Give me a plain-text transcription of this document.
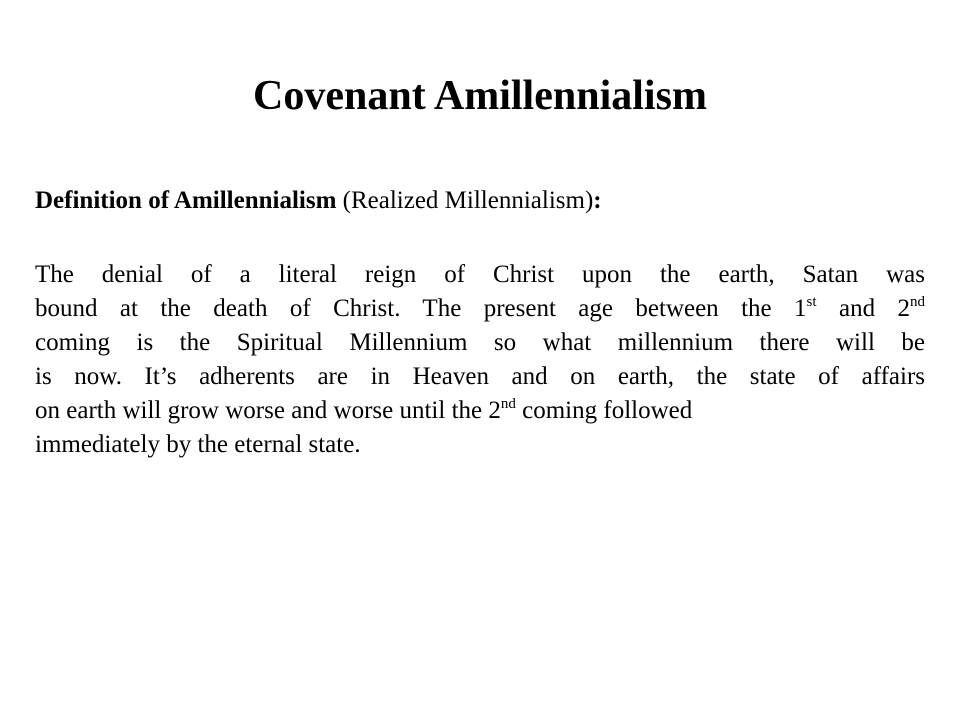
Covenant Amillennialism

Definition of Amillennialism (Realized Millennialism):

The denial of a literal reign of Christ upon the earth, Satan was
bound at the death of Christ. The present age between the 1st and 2nd
coming is the Spiritual Millennium so what millennium there will be
is now. It’s adherents are in Heaven and on earth, the state of affairs
on earth will grow worse and worse until the 2nd coming followed
immediately by the eternal state.
